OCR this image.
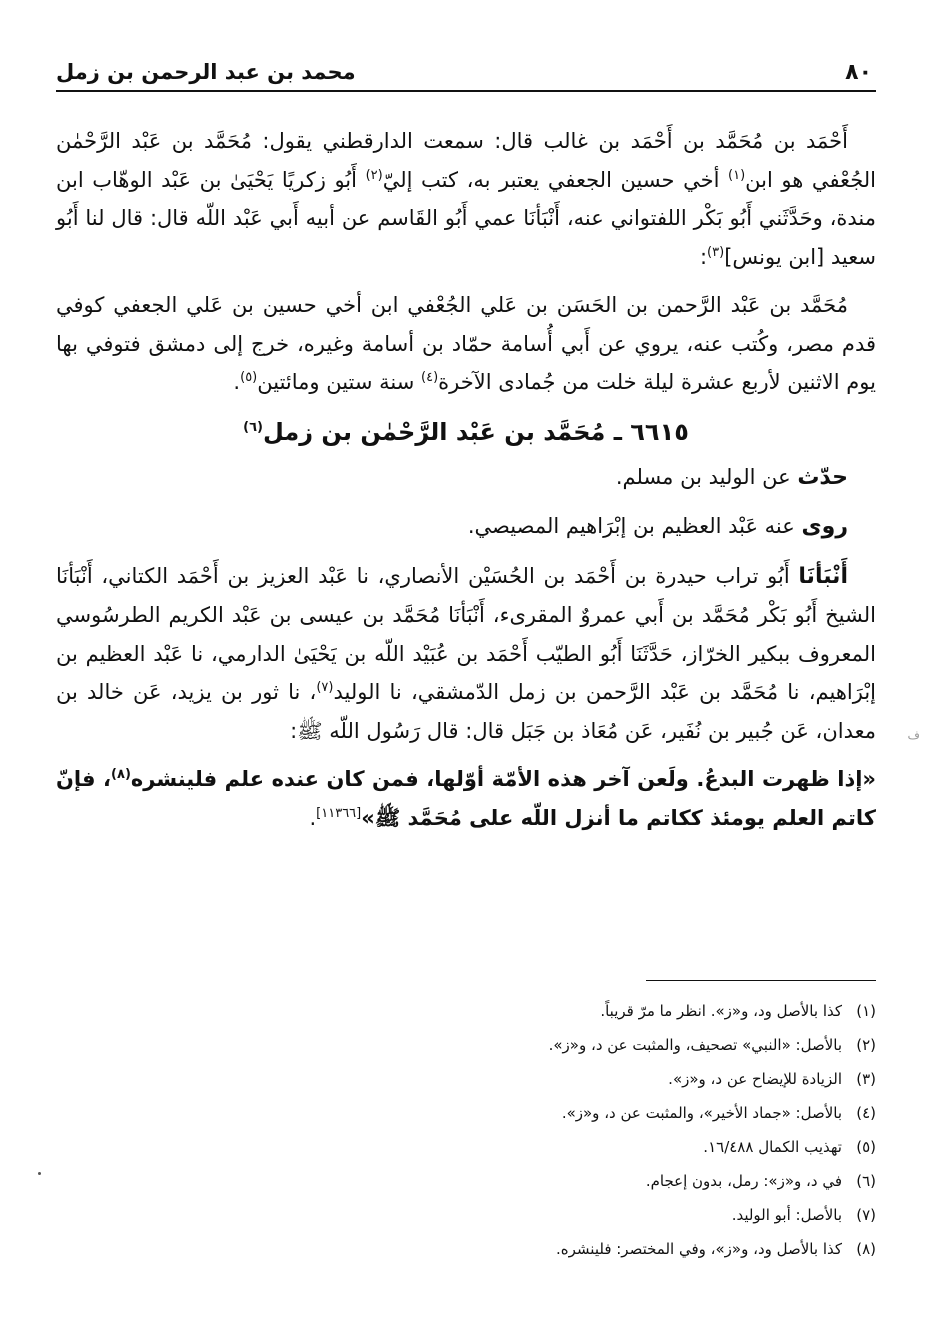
٨٠
محمد بن عبد الرحمن بن زمل

أَحْمَد بن مُحَمَّد بن أَحْمَد بن غالب قال: سمعت الدارقطني يقول: مُحَمَّد بن عَبْد الرَّحْمٰن الجُعْفي هو ابن$^{(١)}$ أخي حسين الجعفي يعتبر به، كتب إليّ$^{(٢)}$ أَبُو زكريًا يَحْيَىٰ بن عَبْد الوهّاب ابن مندة، وحَدَّثَني أَبُو بَكْر اللفتواني عنه، أَنْبَأنَا عمي أَبُو القَاسم عن أبيه أَبي عَبْد اللّه قال: قال لنا أَبُو سعيد [ابن يونس]$^{(٣)}$:

مُحَمَّد بن عَبْد الرَّحمن بن الحَسَن بن عَلي الجُعْفي ابن أخي حسين بن عَلي الجعفي كوفي قدم مصر، وكُتب عنه، يروي عن أَبي أُسامة حمّاد بن أسامة وغيره، خرج إلى دمشق فتوفي بها يوم الاثنين لأربع عشرة ليلة خلت من جُمادى الآخرة$^{(٤)}$ سنة ستين ومائتين$^{(٥)}$.

٦٦١٥ ـ مُحَمَّد بن عَبْد الرَّحْمٰن بن زمل$^{(٦)}$

حدّث عن الوليد بن مسلم.

روى عنه عَبْد العظيم بن إبْرَاهيم المصيصي.

أَنْبَأنَا أَبُو تراب حيدرة بن أَحْمَد بن الحُسَيْن الأنصاري، نا عَبْد العزيز بن أَحْمَد الكتاني، أَنْبَأنَا الشيخ أَبُو بَكْر مُحَمَّد بن أَبي عمروٌ المقرىء، أَنْبَأنَا مُحَمَّد بن عيسى بن عَبْد الكريم الطرسُوسي المعروف ببكير الخرّاز، حَدَّثَنَا أَبُو الطيّب أَحْمَد بن عُبَيْد اللّه بن يَحْيَىٰ الدارمي، نا عَبْد العظيم بن إبْرَاهيم، نا مُحَمَّد بن عَبْد الرَّحمن بن زمل الدّمشقي، نا الوليد$^{(٧)}$، نا ثور بن يزيد، عَن خالد بن معدان، عَن جُبير بن نُفَير، عَن مُعَاذ بن جَبَل قال: قال رَسُول اللّه ﷺ:

«إذا ظهرت البدعُ. ولَعن آخر هذه الأمّة أوّلها، فمن كان عنده علم فلينشره$^{(٨)}$، فإنّ كاتم العلم يومئذ ككاتم ما أنزل اللّه على مُحَمَّد ﷺ»[١١٣٦٦].

(١)كذا بالأصل ود، و«ز». انظر ما مرّ قريباً.
(٢)بالأصل: «النبي» تصحيف، والمثبت عن د، و«ز».
(٣)الزيادة للإيضاح عن د، و«ز».
(٤)بالأصل: «جماد الأخير»، والمثبت عن د، و«ز».
(٥)تهذيب الكمال ١٦/٤٨٨.
(٦)في د، و«ز»: رمل، بدون إعجام.
(٧)بالأصل: أبو الوليد.
(٨)كذا بالأصل ود، و«ز»، وفي المختصر: فلينشره.
ف
